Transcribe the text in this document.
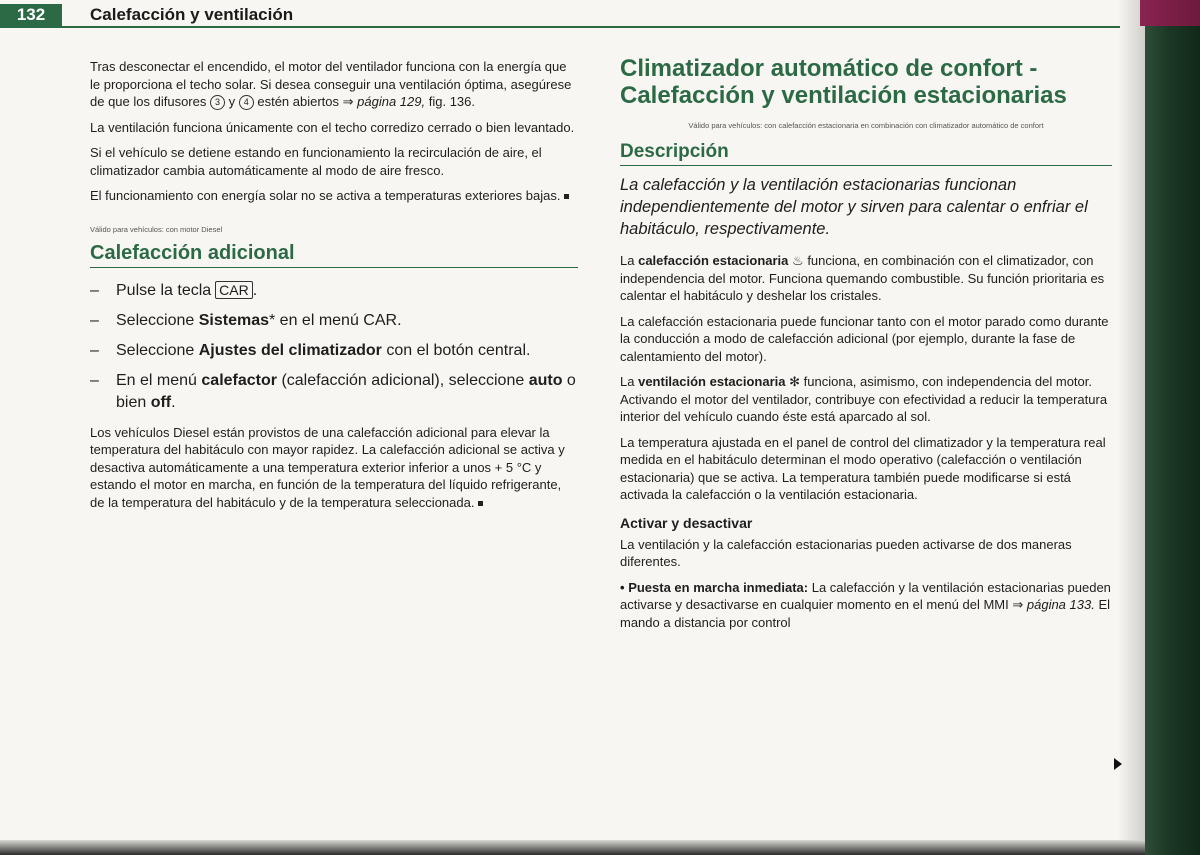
132	Calefacción y ventilación

Tras desconectar el encendido, el motor del ventilador funciona con la energía que le proporciona el techo solar. Si desea conseguir una ventilación óptima, asegúrese de que los difusores 3 y 4 estén abiertos ⇒ página 129, fig. 136.

La ventilación funciona únicamente con el techo corredizo cerrado o bien levantado.

Si el vehículo se detiene estando en funcionamiento la recirculación de aire, el climatizador cambia automáticamente al modo de aire fresco.

El funcionamiento con energía solar no se activa a temperaturas exteriores bajas.

Válido para vehículos: con motor Diesel
Calefacción adicional
– Pulse la tecla CAR .
– Seleccione Sistemas* en el menú CAR.
– Seleccione Ajustes del climatizador con el botón central.
– En el menú calefactor (calefacción adicional), seleccione auto o bien off.

Los vehículos Diesel están provistos de una calefacción adicional para elevar la temperatura del habitáculo con mayor rapidez. La calefacción adicional se activa y desactiva automáticamente a una temperatura exterior inferior a unos + 5 °C y estando el motor en marcha, en función de la temperatura del líquido refrigerante, de la temperatura del habitáculo y de la temperatura seleccionada.

Climatizador automático de confort - Calefacción y ventilación estacionarias
Válido para vehículos: con calefacción estacionaria en combinación con climatizador automático de confort
Descripción
La calefacción y la ventilación estacionarias funcionan independientemente del motor y sirven para calentar o enfriar el habitáculo, respectivamente.

La calefacción estacionaria ♨ funciona, en combinación con el climatizador, con independencia del motor. Funciona quemando combustible. Su función prioritaria es calentar el habitáculo y deshelar los cristales.

La calefacción estacionaria puede funcionar tanto con el motor parado como durante la conducción a modo de calefacción adicional (por ejemplo, durante la fase de calentamiento del motor).

La ventilación estacionaria ✻ funciona, asimismo, con independencia del motor. Activando el motor del ventilador, contribuye con efectividad a reducir la temperatura interior del vehículo cuando éste está aparcado al sol.

La temperatura ajustada en el panel de control del climatizador y la temperatura real medida en el habitáculo determinan el modo operativo (calefacción o ventilación estacionaria) que se activa. La temperatura también puede modificarse si está activada la calefacción o la ventilación estacionaria.

Activar y desactivar

La ventilación y la calefacción estacionarias pueden activarse de dos maneras diferentes.

• Puesta en marcha inmediata: La calefacción y la ventilación estacionarias pueden activarse y desactivarse en cualquier momento en el menú del MMI ⇒ página 133. El mando a distancia por control
